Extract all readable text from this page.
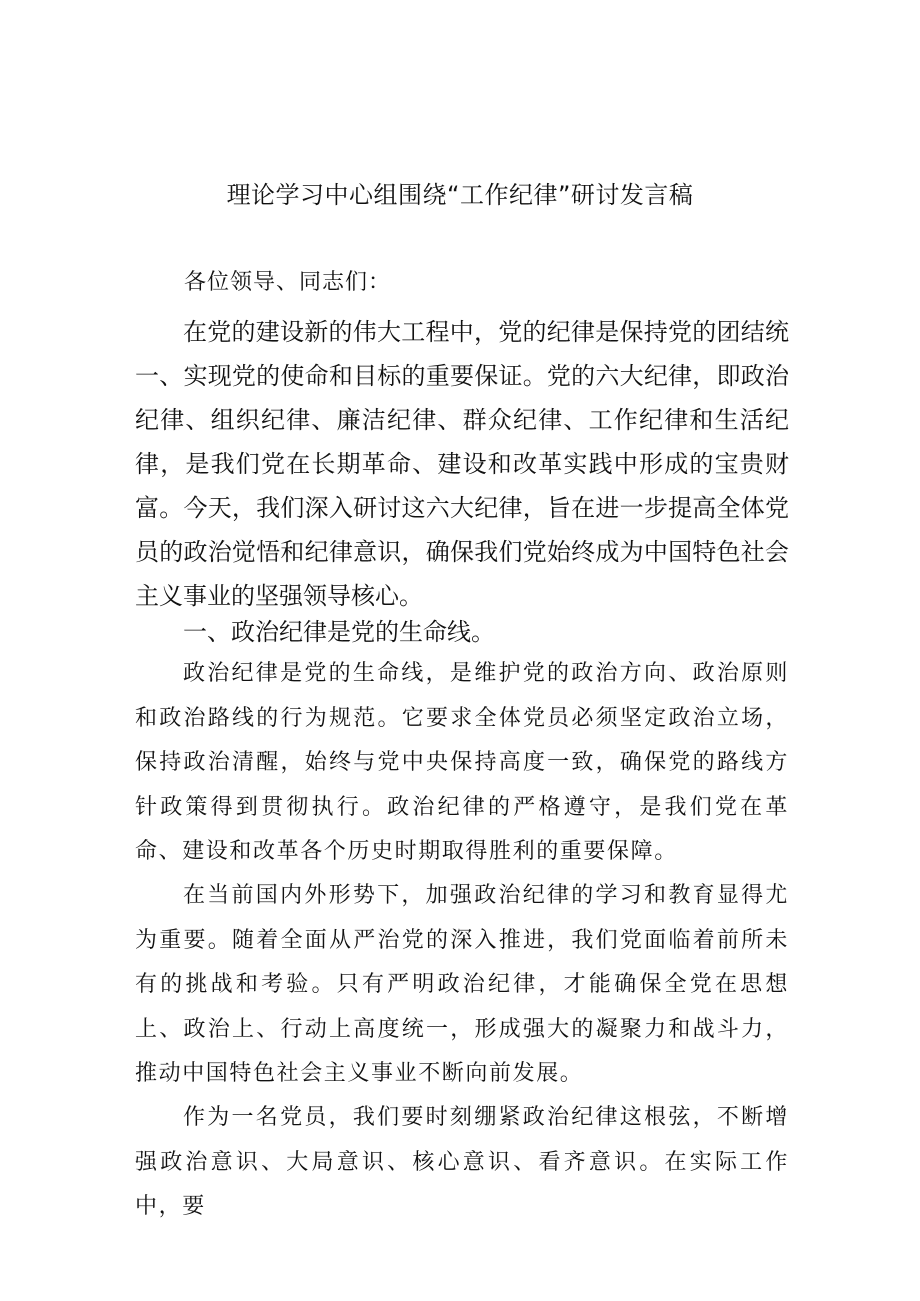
理论学习中心组围绕“工作纪律”研讨发言稿

各位领导、同志们：

在党的建设新的伟大工程中，党的纪律是保持党的团结统一、实现党的使命和目标的重要保证。党的六大纪律，即政治纪律、组织纪律、廉洁纪律、群众纪律、工作纪律和生活纪律，是我们党在长期革命、建设和改革实践中形成的宝贵财富。今天，我们深入研讨这六大纪律，旨在进一步提高全体党员的政治觉悟和纪律意识，确保我们党始终成为中国特色社会主义事业的坚强领导核心。

一、政治纪律是党的生命线。

政治纪律是党的生命线，是维护党的政治方向、政治原则和政治路线的行为规范。它要求全体党员必须坚定政治立场，保持政治清醒，始终与党中央保持高度一致，确保党的路线方针政策得到贯彻执行。政治纪律的严格遵守，是我们党在革命、建设和改革各个历史时期取得胜利的重要保障。

在当前国内外形势下，加强政治纪律的学习和教育显得尤为重要。随着全面从严治党的深入推进，我们党面临着前所未有的挑战和考验。只有严明政治纪律，才能确保全党在思想上、政治上、行动上高度统一，形成强大的凝聚力和战斗力，推动中国特色社会主义事业不断向前发展。

作为一名党员，我们要时刻绷紧政治纪律这根弦，不断增强政治意识、大局意识、核心意识、看齐意识。在实际工作中，要
